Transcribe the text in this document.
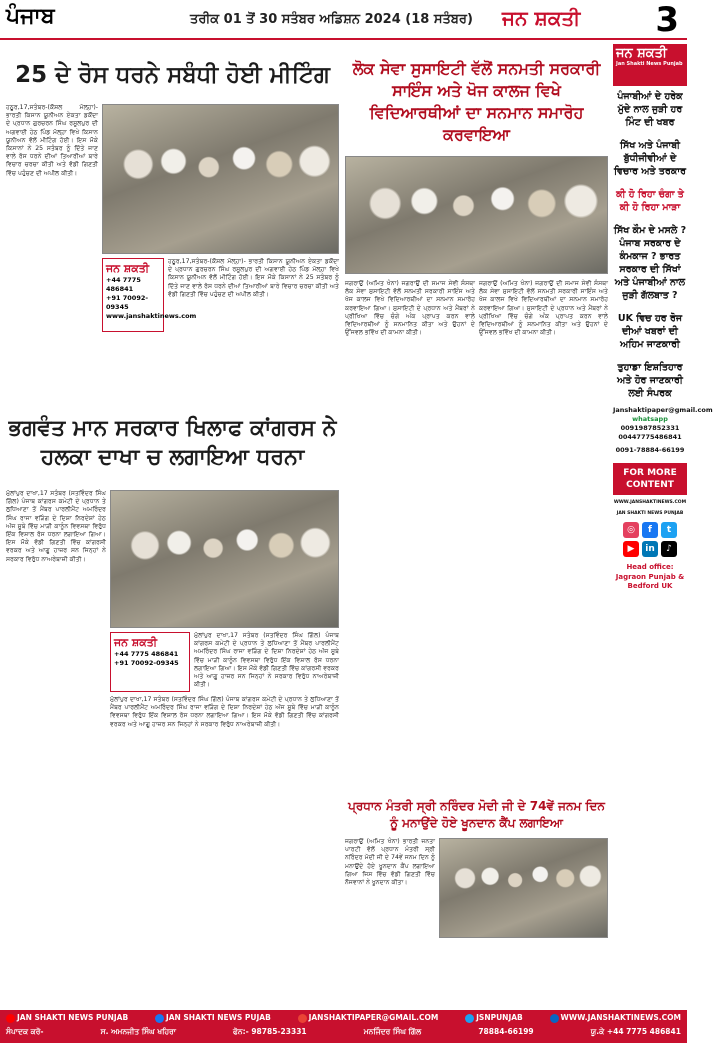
ਪੰਜਾਬ	ਤਰੀਕ 01 ਤੋਂ 30 ਸਤੰਬਰ ਅਡਿਸ਼ਨ 2024 (18 ਸਤੰਬਰ) ਜਨ ਸ਼ਕਤੀ 3
25 ਦੇ ਰੋਸ ਧਰਨੇ ਸਬੰਧੀ ਹੋਈ ਮੀਟਿੰਗ
ਹਠੂਰ,17,ਸਤੰਬਰ-(ਕੌਸ਼ਲ ਮੱਲ੍ਹਾ)- ਭਾਰਤੀ ਕਿਸਾਨ ਯੂਨੀਅਨ ਏਕਤਾ ਡਕੌਂਦਾ ਦੇ ਪ੍ਰਧਾਨ ਗੁਰਚਰਨ ਸਿੰਘ ਰਸੂਲਪੁਰ ਦੀ ਅਗਵਾਈ ਹੇਠ ਪਿੰਡ ਮੱਲ੍ਹਾ ਵਿਖੇ ਕਿਸਾਨ ਯੂਨੀਅਨ ਵੱਲੋਂ ਮੀਟਿੰਗ ਹੋਈ। ਇਸ ਮੌਕੇ ਕਿਸਾਨਾਂ ਨੇ 25 ਸਤੰਬਰ ਨੂੰ ਦਿੱਤੇ ਜਾਣ ਵਾਲੇ ਰੋਸ ਧਰਨੇ ਦੀਆਂ ਤਿਆਰੀਆਂ ਬਾਰੇ ਵਿਚਾਰ ਚਰਚਾ ਕੀਤੀ ਅਤੇ ਵੱਡੀ ਗਿਣਤੀ ਵਿੱਚ ਪਹੁੰਚਣ ਦੀ ਅਪੀਲ ਕੀਤੀ।
ਜਨ ਸ਼ਕਤੀ
+44 7775 486841
+91 70092-09345
www.janshaktinews.com
ਹਠੂਰ,17,ਸਤੰਬਰ-(ਕੌਸ਼ਲ ਮੱਲ੍ਹਾ)- ਭਾਰਤੀ ਕਿਸਾਨ ਯੂਨੀਅਨ ਏਕਤਾ ਡਕੌਂਦਾ ਦੇ ਪ੍ਰਧਾਨ ਗੁਰਚਰਨ ਸਿੰਘ ਰਸੂਲਪੁਰ ਦੀ ਅਗਵਾਈ ਹੇਠ ਪਿੰਡ ਮੱਲ੍ਹਾ ਵਿਖੇ ਕਿਸਾਨ ਯੂਨੀਅਨ ਵੱਲੋਂ ਮੀਟਿੰਗ ਹੋਈ। ਇਸ ਮੌਕੇ ਕਿਸਾਨਾਂ ਨੇ 25 ਸਤੰਬਰ ਨੂੰ ਦਿੱਤੇ ਜਾਣ ਵਾਲੇ ਰੋਸ ਧਰਨੇ ਦੀਆਂ ਤਿਆਰੀਆਂ ਬਾਰੇ ਵਿਚਾਰ ਚਰਚਾ ਕੀਤੀ ਅਤੇ ਵੱਡੀ ਗਿਣਤੀ ਵਿੱਚ ਪਹੁੰਚਣ ਦੀ ਅਪੀਲ ਕੀਤੀ।
ਭਗਵੰਤ ਮਾਨ ਸਰਕਾਰ ਖਿਲਾਫ ਕਾਂਗਰਸ ਨੇ ਹਲਕਾ ਦਾਖਾ ਚ ਲਗਾਇਆ ਧਰਨਾ
ਮੁੱਲਾਂਪੁਰ ਦਾਖਾ,17 ਸਤੰਬਰ (ਸਤਵਿੰਦਰ ਸਿੰਘ ਗਿੱਲ) ਪੰਜਾਬ ਕਾਂਗਰਸ ਕਮੇਟੀ ਦੇ ਪ੍ਰਧਾਨ ਤੇ ਲੁਧਿਆਣਾ ਤੋਂ ਮੈਂਬਰ ਪਾਰਲੀਮੈਂਟ ਅਮਰਿੰਦਰ ਸਿੰਘ ਰਾਜਾ ਵੜਿੰਗ ਦੇ ਦਿਸ਼ਾ ਨਿਰਦੇਸ਼ਾਂ ਹੇਠ ਅੱਜ ਸੂਬੇ ਵਿੱਚ ਮਾੜੀ ਕਾਨੂੰਨ ਵਿਵਸਥਾ ਵਿਰੁੱਧ ਇੱਕ ਵਿਸ਼ਾਲ ਰੋਸ ਧਰਨਾ ਲਗਾਇਆ ਗਿਆ। ਇਸ ਮੌਕੇ ਵੱਡੀ ਗਿਣਤੀ ਵਿੱਚ ਕਾਂਗਰਸੀ ਵਰਕਰ ਅਤੇ ਆਗੂ ਹਾਜ਼ਰ ਸਨ ਜਿਨ੍ਹਾਂ ਨੇ ਸਰਕਾਰ ਵਿਰੁੱਧ ਨਾਅਰੇਬਾਜ਼ੀ ਕੀਤੀ।
ਜਨ ਸ਼ਕਤੀ
+44 7775 486841
+91 70092-09345
ਮੁੱਲਾਂਪੁਰ ਦਾਖਾ,17 ਸਤੰਬਰ (ਸਤਵਿੰਦਰ ਸਿੰਘ ਗਿੱਲ) ਪੰਜਾਬ ਕਾਂਗਰਸ ਕਮੇਟੀ ਦੇ ਪ੍ਰਧਾਨ ਤੇ ਲੁਧਿਆਣਾ ਤੋਂ ਮੈਂਬਰ ਪਾਰਲੀਮੈਂਟ ਅਮਰਿੰਦਰ ਸਿੰਘ ਰਾਜਾ ਵੜਿੰਗ ਦੇ ਦਿਸ਼ਾ ਨਿਰਦੇਸ਼ਾਂ ਹੇਠ ਅੱਜ ਸੂਬੇ ਵਿੱਚ ਮਾੜੀ ਕਾਨੂੰਨ ਵਿਵਸਥਾ ਵਿਰੁੱਧ ਇੱਕ ਵਿਸ਼ਾਲ ਰੋਸ ਧਰਨਾ ਲਗਾਇਆ ਗਿਆ। ਇਸ ਮੌਕੇ ਵੱਡੀ ਗਿਣਤੀ ਵਿੱਚ ਕਾਂਗਰਸੀ ਵਰਕਰ ਅਤੇ ਆਗੂ ਹਾਜ਼ਰ ਸਨ ਜਿਨ੍ਹਾਂ ਨੇ ਸਰਕਾਰ ਵਿਰੁੱਧ ਨਾਅਰੇਬਾਜ਼ੀ ਕੀਤੀ।
ਮੁੱਲਾਂਪੁਰ ਦਾਖਾ,17 ਸਤੰਬਰ (ਸਤਵਿੰਦਰ ਸਿੰਘ ਗਿੱਲ) ਪੰਜਾਬ ਕਾਂਗਰਸ ਕਮੇਟੀ ਦੇ ਪ੍ਰਧਾਨ ਤੇ ਲੁਧਿਆਣਾ ਤੋਂ ਮੈਂਬਰ ਪਾਰਲੀਮੈਂਟ ਅਮਰਿੰਦਰ ਸਿੰਘ ਰਾਜਾ ਵੜਿੰਗ ਦੇ ਦਿਸ਼ਾ ਨਿਰਦੇਸ਼ਾਂ ਹੇਠ ਅੱਜ ਸੂਬੇ ਵਿੱਚ ਮਾੜੀ ਕਾਨੂੰਨ ਵਿਵਸਥਾ ਵਿਰੁੱਧ ਇੱਕ ਵਿਸ਼ਾਲ ਰੋਸ ਧਰਨਾ ਲਗਾਇਆ ਗਿਆ। ਇਸ ਮੌਕੇ ਵੱਡੀ ਗਿਣਤੀ ਵਿੱਚ ਕਾਂਗਰਸੀ ਵਰਕਰ ਅਤੇ ਆਗੂ ਹਾਜ਼ਰ ਸਨ ਜਿਨ੍ਹਾਂ ਨੇ ਸਰਕਾਰ ਵਿਰੁੱਧ ਨਾਅਰੇਬਾਜ਼ੀ ਕੀਤੀ।
ਲੋਕ ਸੇਵਾ ਸੁਸਾਇਟੀ ਵੱਲੋਂ ਸਨਮਤੀ ਸਰਕਾਰੀ ਸਾਇੰਸ ਅਤੇ ਖੋਜ ਕਾਲਜ ਵਿਖੇ ਵਿਦਿਆਰਥੀਆਂ ਦਾ ਸਨਮਾਨ ਸਮਾਰੋਹ ਕਰਵਾਇਆ
ਜਗਰਾਉਂ (ਅਮਿਤ ਖੰਨਾ) ਜਗਰਾਉਂ ਦੀ ਸਮਾਜ ਸੇਵੀ ਸੰਸਥਾ ਲੋਕ ਸੇਵਾ ਸੁਸਾਇਟੀ ਵੱਲੋਂ ਸਨਮਤੀ ਸਰਕਾਰੀ ਸਾਇੰਸ ਅਤੇ ਖੋਜ ਕਾਲਜ ਵਿਖੇ ਵਿਦਿਆਰਥੀਆਂ ਦਾ ਸਨਮਾਨ ਸਮਾਰੋਹ ਕਰਵਾਇਆ ਗਿਆ। ਸੁਸਾਇਟੀ ਦੇ ਪ੍ਰਧਾਨ ਅਤੇ ਮੈਂਬਰਾਂ ਨੇ ਪ੍ਰੀਖਿਆ ਵਿੱਚ ਚੰਗੇ ਅੰਕ ਪ੍ਰਾਪਤ ਕਰਨ ਵਾਲੇ ਵਿਦਿਆਰਥੀਆਂ ਨੂੰ ਸਨਮਾਨਿਤ ਕੀਤਾ ਅਤੇ ਉਹਨਾਂ ਦੇ ਉੱਜਵਲ ਭਵਿੱਖ ਦੀ ਕਾਮਨਾ ਕੀਤੀ।
ਜਗਰਾਉਂ (ਅਮਿਤ ਖੰਨਾ) ਜਗਰਾਉਂ ਦੀ ਸਮਾਜ ਸੇਵੀ ਸੰਸਥਾ ਲੋਕ ਸੇਵਾ ਸੁਸਾਇਟੀ ਵੱਲੋਂ ਸਨਮਤੀ ਸਰਕਾਰੀ ਸਾਇੰਸ ਅਤੇ ਖੋਜ ਕਾਲਜ ਵਿਖੇ ਵਿਦਿਆਰਥੀਆਂ ਦਾ ਸਨਮਾਨ ਸਮਾਰੋਹ ਕਰਵਾਇਆ ਗਿਆ। ਸੁਸਾਇਟੀ ਦੇ ਪ੍ਰਧਾਨ ਅਤੇ ਮੈਂਬਰਾਂ ਨੇ ਪ੍ਰੀਖਿਆ ਵਿੱਚ ਚੰਗੇ ਅੰਕ ਪ੍ਰਾਪਤ ਕਰਨ ਵਾਲੇ ਵਿਦਿਆਰਥੀਆਂ ਨੂੰ ਸਨਮਾਨਿਤ ਕੀਤਾ ਅਤੇ ਉਹਨਾਂ ਦੇ ਉੱਜਵਲ ਭਵਿੱਖ ਦੀ ਕਾਮਨਾ ਕੀਤੀ।
ਪ੍ਰਧਾਨ ਮੰਤਰੀ ਸ੍ਰੀ ਨਰਿੰਦਰ ਮੋਦੀ ਜੀ ਦੇ 74ਵੇਂ ਜਨਮ ਦਿਨ ਨੂੰ ਮਨਾਉਂਦੇ ਹੋਏ ਖੂਨਦਾਨ ਕੈਂਪ ਲਗਾਇਆ
ਜਗਰਾਉਂ (ਅਮਿਤ ਖੰਨਾ) ਭਾਰਤੀ ਜਨਤਾ ਪਾਰਟੀ ਵੱਲੋਂ ਪ੍ਰਧਾਨ ਮੰਤਰੀ ਸ੍ਰੀ ਨਰਿੰਦਰ ਮੋਦੀ ਜੀ ਦੇ 74ਵੇਂ ਜਨਮ ਦਿਨ ਨੂੰ ਮਨਾਉਂਦੇ ਹੋਏ ਖੂਨਦਾਨ ਕੈਂਪ ਲਗਾਇਆ ਗਿਆ ਜਿਸ ਵਿੱਚ ਵੱਡੀ ਗਿਣਤੀ ਵਿੱਚ ਨੌਜਵਾਨਾਂ ਨੇ ਖੂਨਦਾਨ ਕੀਤਾ।
ਜਨ ਸ਼ਕਤੀ
Jan Shakti News Punjab
ਪੰਜਾਬੀਆਂ ਦੇ ਹਰੇਕ ਮੁੱਦੇ ਨਾਲ ਜੁੜੀ ਹਰ ਮਿੰਟ ਦੀ ਖਬਰ
ਸਿੱਖ ਅਤੇ ਪੰਜਾਬੀ ਬੁੱਧੀਜੀਵੀਆਂ ਦੇ ਵਿਚਾਰ ਅਤੇ ਤਰਕਾਰ
ਕੀ ਹੋ ਰਿਹਾ ਚੰਗਾ ਤੇ ਕੀ ਹੋ ਰਿਹਾ ਮਾੜਾ
ਸਿੱਖ ਕੌਮ ਦੇ ਮਸਲੇ ? ਪੰਜਾਬ ਸਰਕਾਰ ਦੇ ਕੰਮਕਾਜ ? ਭਾਰਤ ਸਰਕਾਰ ਦੀ ਸਿੱਖਾਂ ਅਤੇ ਪੰਜਾਬੀਆਂ ਨਾਲ ਜੁੜੀ ਗੱਲਬਾਤ ?
UK ਵਿਚ ਹਰ ਰੋਜ ਦੀਆਂ ਖਬਰਾਂ ਦੀ ਅਹਿਮ ਜਾਣਕਾਰੀ
ਤੁਹਾਡਾ ਇਸ਼ਤਿਹਾਰ ਅਤੇ ਹੋਰ ਜਾਣਕਾਰੀ ਲਈ ਸੰਪਰਕ
Janshaktipaper@gmail.com
whatsapp
0091987852331
00447775486841
0091-78884-66199
FOR MORE CONTENT
WWW.JANSHAKTINEWS.COM
JAN SHAKTI NEWS PUNJAB
◎	f	t
▶	in	♪
Head office: Jagraon Punjab & Bedford UK
JAN SHAKTI NEWS PUNJAB	JAN SHAKTI NEWS PUJAB	JANSHAKTIPAPER@GMAIL.COM	JSNPUNJAB	WWW.JANSHAKTINEWS.COM
ਸੰਪਾਦਕ ਕਰੋ-	ਸ. ਅਮਨਜੀਤ ਸਿੰਘ ਖਹਿਰਾ	ਫੋਨ:- 98785-23331	ਮਨਜਿੰਦਰ ਸਿੰਘ ਗਿੱਲ	78884-66199	ਯੂ.ਕੇ +44 7775 486841
